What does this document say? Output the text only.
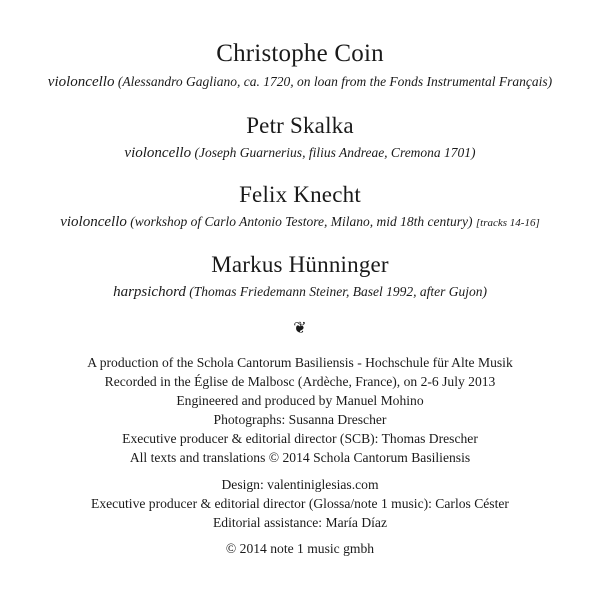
Christophe Coin
violoncello (Alessandro Gagliano, ca. 1720, on loan from the Fonds Instrumental Français)
Petr Skalka
violoncello (Joseph Guarnerius, filius Andreae, Cremona 1701)
Felix Knecht
violoncello (workshop of Carlo Antonio Testore, Milano, mid 18th century) [tracks 14-16]
Markus Hünninger
harpsichord (Thomas Friedemann Steiner, Basel 1992, after Gujon)
❦
A production of the Schola Cantorum Basiliensis - Hochschule für Alte Musik
Recorded in the Église de Malbosc (Ardèche, France), on 2-6 July 2013
Engineered and produced by Manuel Mohino
Photographs: Susanna Drescher
Executive producer & editorial director (SCB): Thomas Drescher
All texts and translations © 2014 Schola Cantorum Basiliensis
Design: valentiniglesias.com
Executive producer & editorial director (Glossa/note 1 music): Carlos Céster
Editorial assistance: María Díaz
© 2014 note 1 music gmbh
